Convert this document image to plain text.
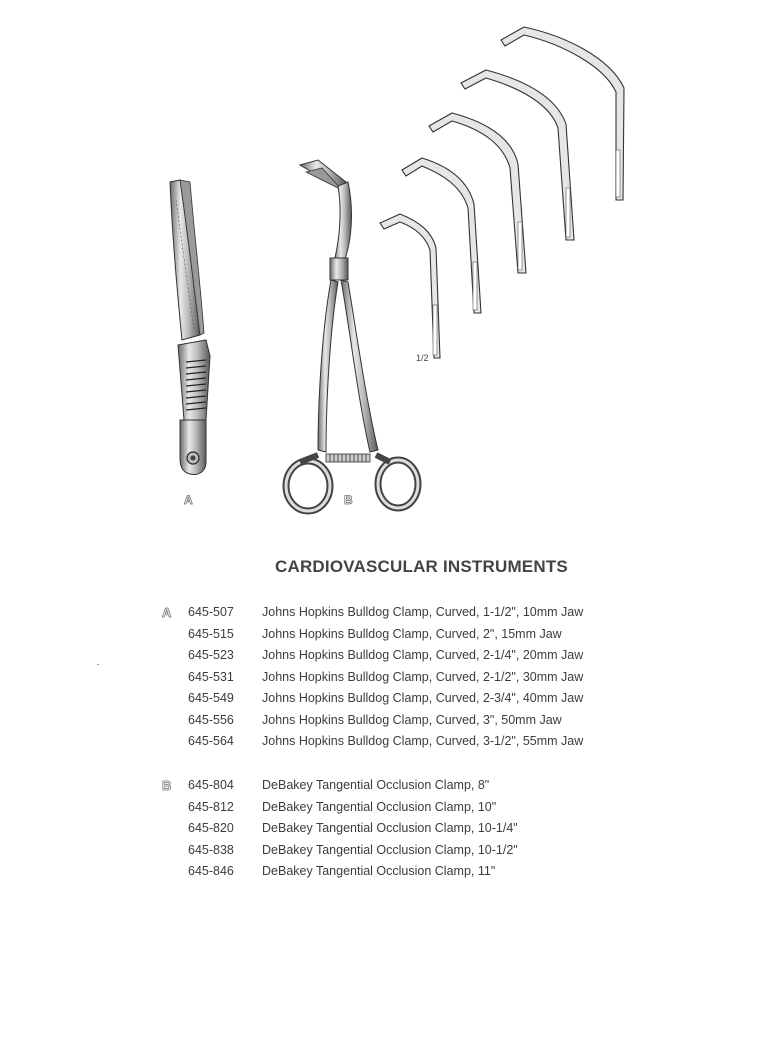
A	B
1/2
CARDIOVASCULAR INSTRUMENTS
A 645-507 Johns Hopkins Bulldog Clamp, Curved, 1-1/2", 10mm Jaw
645-515 Johns Hopkins Bulldog Clamp, Curved, 2", 15mm Jaw
645-523 Johns Hopkins Bulldog Clamp, Curved, 2-1/4", 20mm Jaw
645-531 Johns Hopkins Bulldog Clamp, Curved, 2-1/2", 30mm Jaw
645-549 Johns Hopkins Bulldog Clamp, Curved, 2-3/4", 40mm Jaw
645-556 Johns Hopkins Bulldog Clamp, Curved, 3", 50mm Jaw
645-564 Johns Hopkins Bulldog Clamp, Curved, 3-1/2", 55mm Jaw
B 645-804 DeBakey Tangential Occlusion Clamp, 8"
645-812 DeBakey Tangential Occlusion Clamp, 10"
645-820 DeBakey Tangential Occlusion Clamp, 10-1/4"
645-838 DeBakey Tangential Occlusion Clamp, 10-1/2"
645-846 DeBakey Tangential Occlusion Clamp, 11"
